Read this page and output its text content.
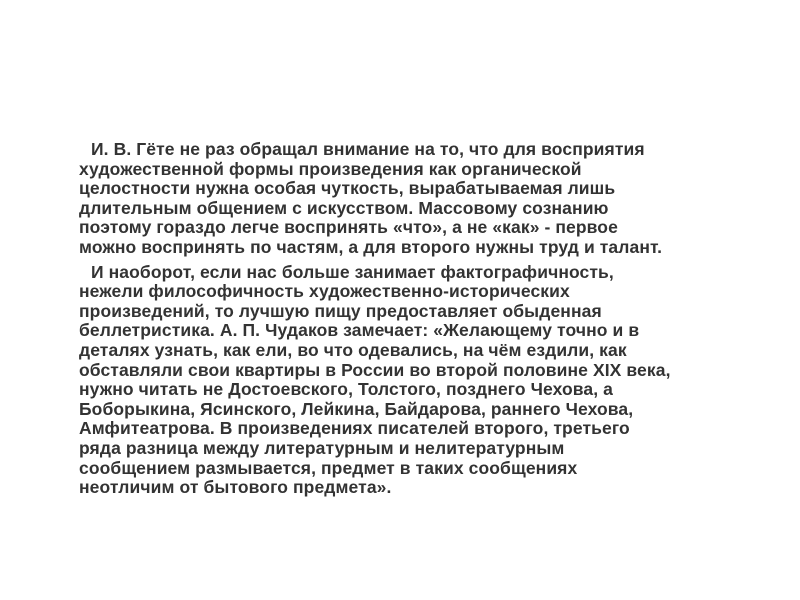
И. В. Гёте не раз обращал внимание на то, что для восприятия
художественной формы произведения как органической
целостности нужна особая чуткость, вырабатываемая лишь
длительным общением с искусством. Массовому сознанию
поэтому гораздо легче воспринять «что», а не «как» - первое
можно воспринять по частям, а для второго нужны труд и талант.

И наоборот, если нас больше занимает фактографичность,
нежели философичность художественно-исторических
произведений, то лучшую пищу предоставляет обыденная
беллетристика. А. П. Чудаков замечает: «Желающему точно и в
деталях узнать, как ели, во что одевались, на чём ездили, как
обставляли свои квартиры в России во второй половине XIX века,
нужно читать не Достоевского, Толстого, позднего Чехова, а
Боборыкина, Ясинского, Лейкина, Байдарова, раннего Чехова,
Амфитеатрова. В произведениях писателей второго, третьего
ряда разница между литературным и нелитературным
сообщением размывается, предмет в таких сообщениях
неотличим от бытового предмета».
